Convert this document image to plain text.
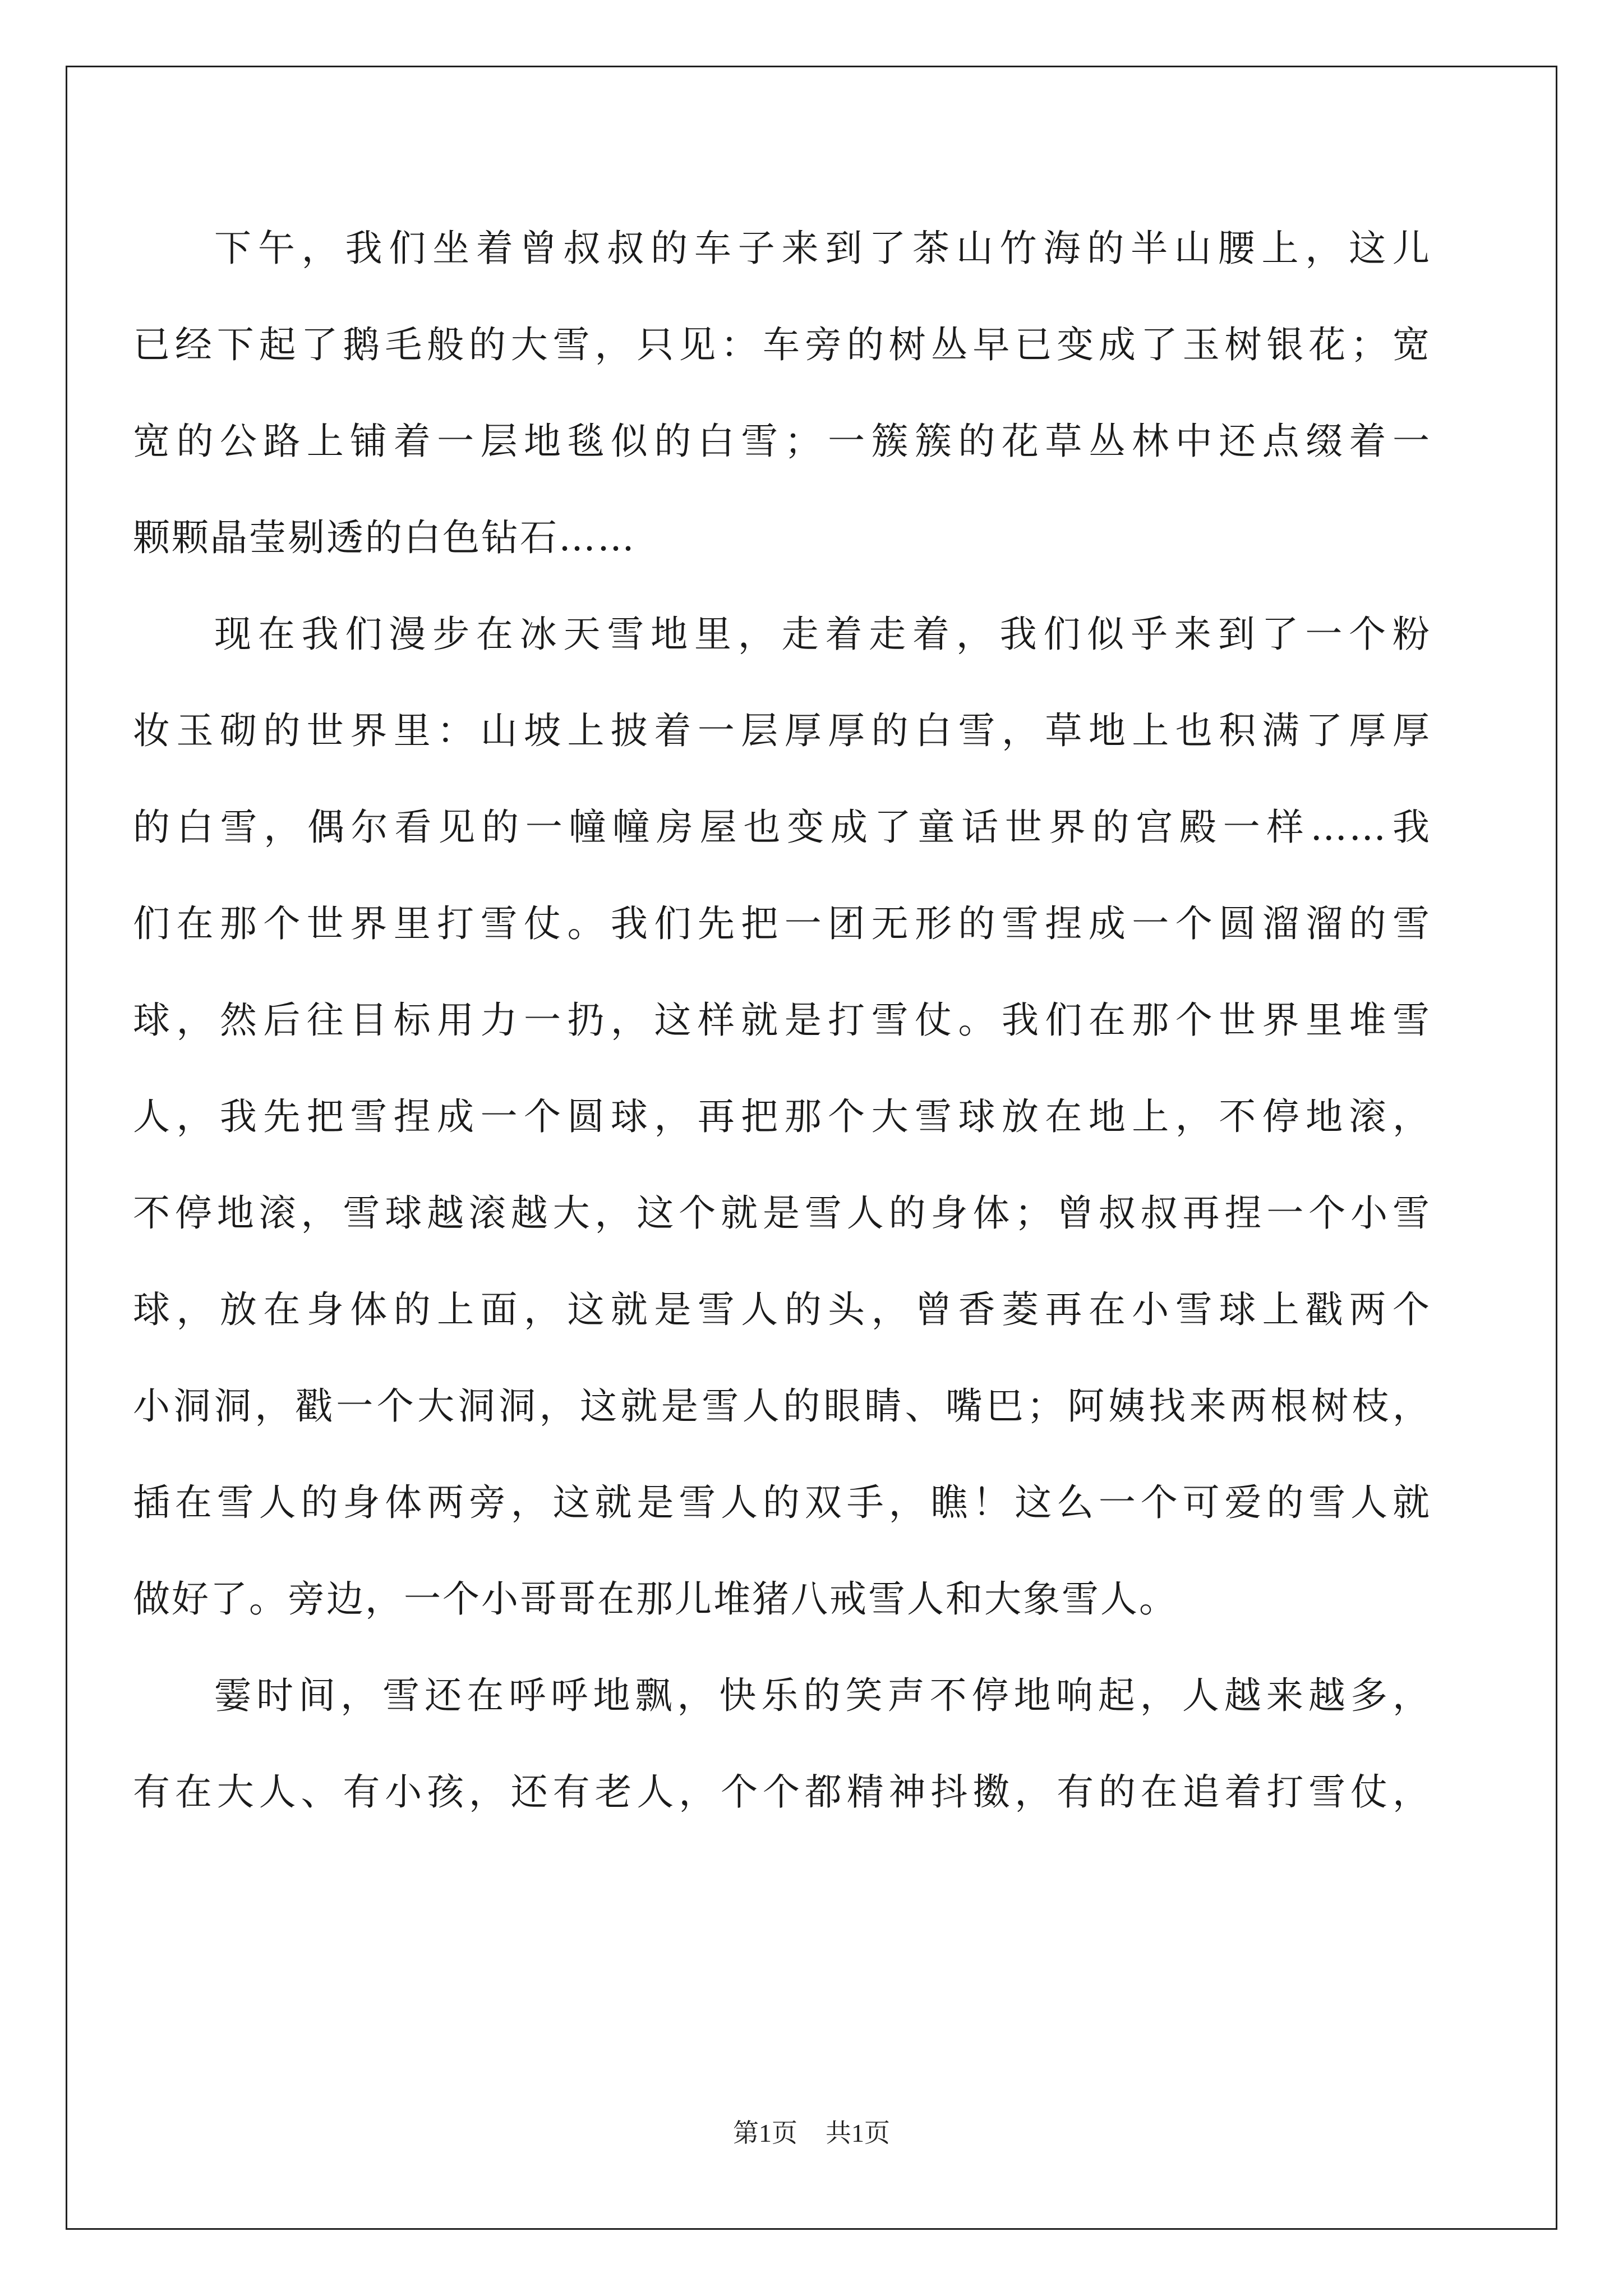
下午，我们坐着曾叔叔的车子来到了茶山竹海的半山腰上，这儿
已经下起了鹅毛般的大雪，只见：车旁的树丛早已变成了玉树银花；宽
宽的公路上铺着一层地毯似的白雪；一簇簇的花草丛林中还点缀着一
颗颗晶莹剔透的白色钻石……
现在我们漫步在冰天雪地里，走着走着，我们似乎来到了一个粉
妆玉砌的世界里：山坡上披着一层厚厚的白雪，草地上也积满了厚厚
的白雪，偶尔看见的一幢幢房屋也变成了童话世界的宫殿一样……我
们在那个世界里打雪仗。我们先把一团无形的雪捏成一个圆溜溜的雪
球，然后往目标用力一扔，这样就是打雪仗。我们在那个世界里堆雪
人，我先把雪捏成一个圆球，再把那个大雪球放在地上，不停地滚，
不停地滚，雪球越滚越大，这个就是雪人的身体；曾叔叔再捏一个小雪
球，放在身体的上面，这就是雪人的头，曾香菱再在小雪球上戳两个
小洞洞，戳一个大洞洞，这就是雪人的眼睛、嘴巴；阿姨找来两根树枝，
插在雪人的身体两旁，这就是雪人的双手，瞧！这么一个可爱的雪人就
做好了。旁边，一个小哥哥在那儿堆猪八戒雪人和大象雪人。
霎时间，雪还在呼呼地飘，快乐的笑声不停地响起，人越来越多，
有在大人、有小孩，还有老人，个个都精神抖擞，有的在追着打雪仗，
第1页 共1页
